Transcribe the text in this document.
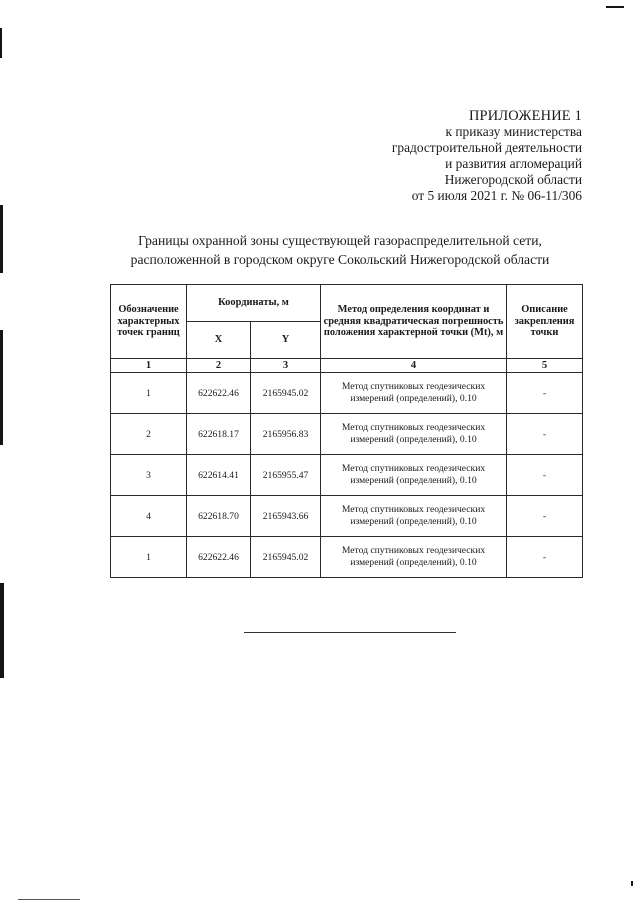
ПРИЛОЖЕНИЕ 1
к приказу министерства
градостроительной деятельности
и развития агломераций
Нижегородской области
от 5 июля 2021 г. № 06-11/306
Границы охранной зоны существующей газораспределительной сети,
расположенной в городском округе Сокольский Нижегородской области
Обозначение характерных точек границ	Координаты, м		Метод определения координат и средняя квадратическая погрешность положения характерной точки (Mt), м	Описание закрепления точки
	X	Y		
1	2	3	4	5
1	622622.46	2165945.02	Метод спутниковых геодезических измерений (определений), 0.10	-
2	622618.17	2165956.83	Метод спутниковых геодезических измерений (определений), 0.10	-
3	622614.41	2165955.47	Метод спутниковых геодезических измерений (определений), 0.10	-
4	622618.70	2165943.66	Метод спутниковых геодезических измерений (определений), 0.10	-
1	622622.46	2165945.02	Метод спутниковых геодезических измерений (определений), 0.10	-
